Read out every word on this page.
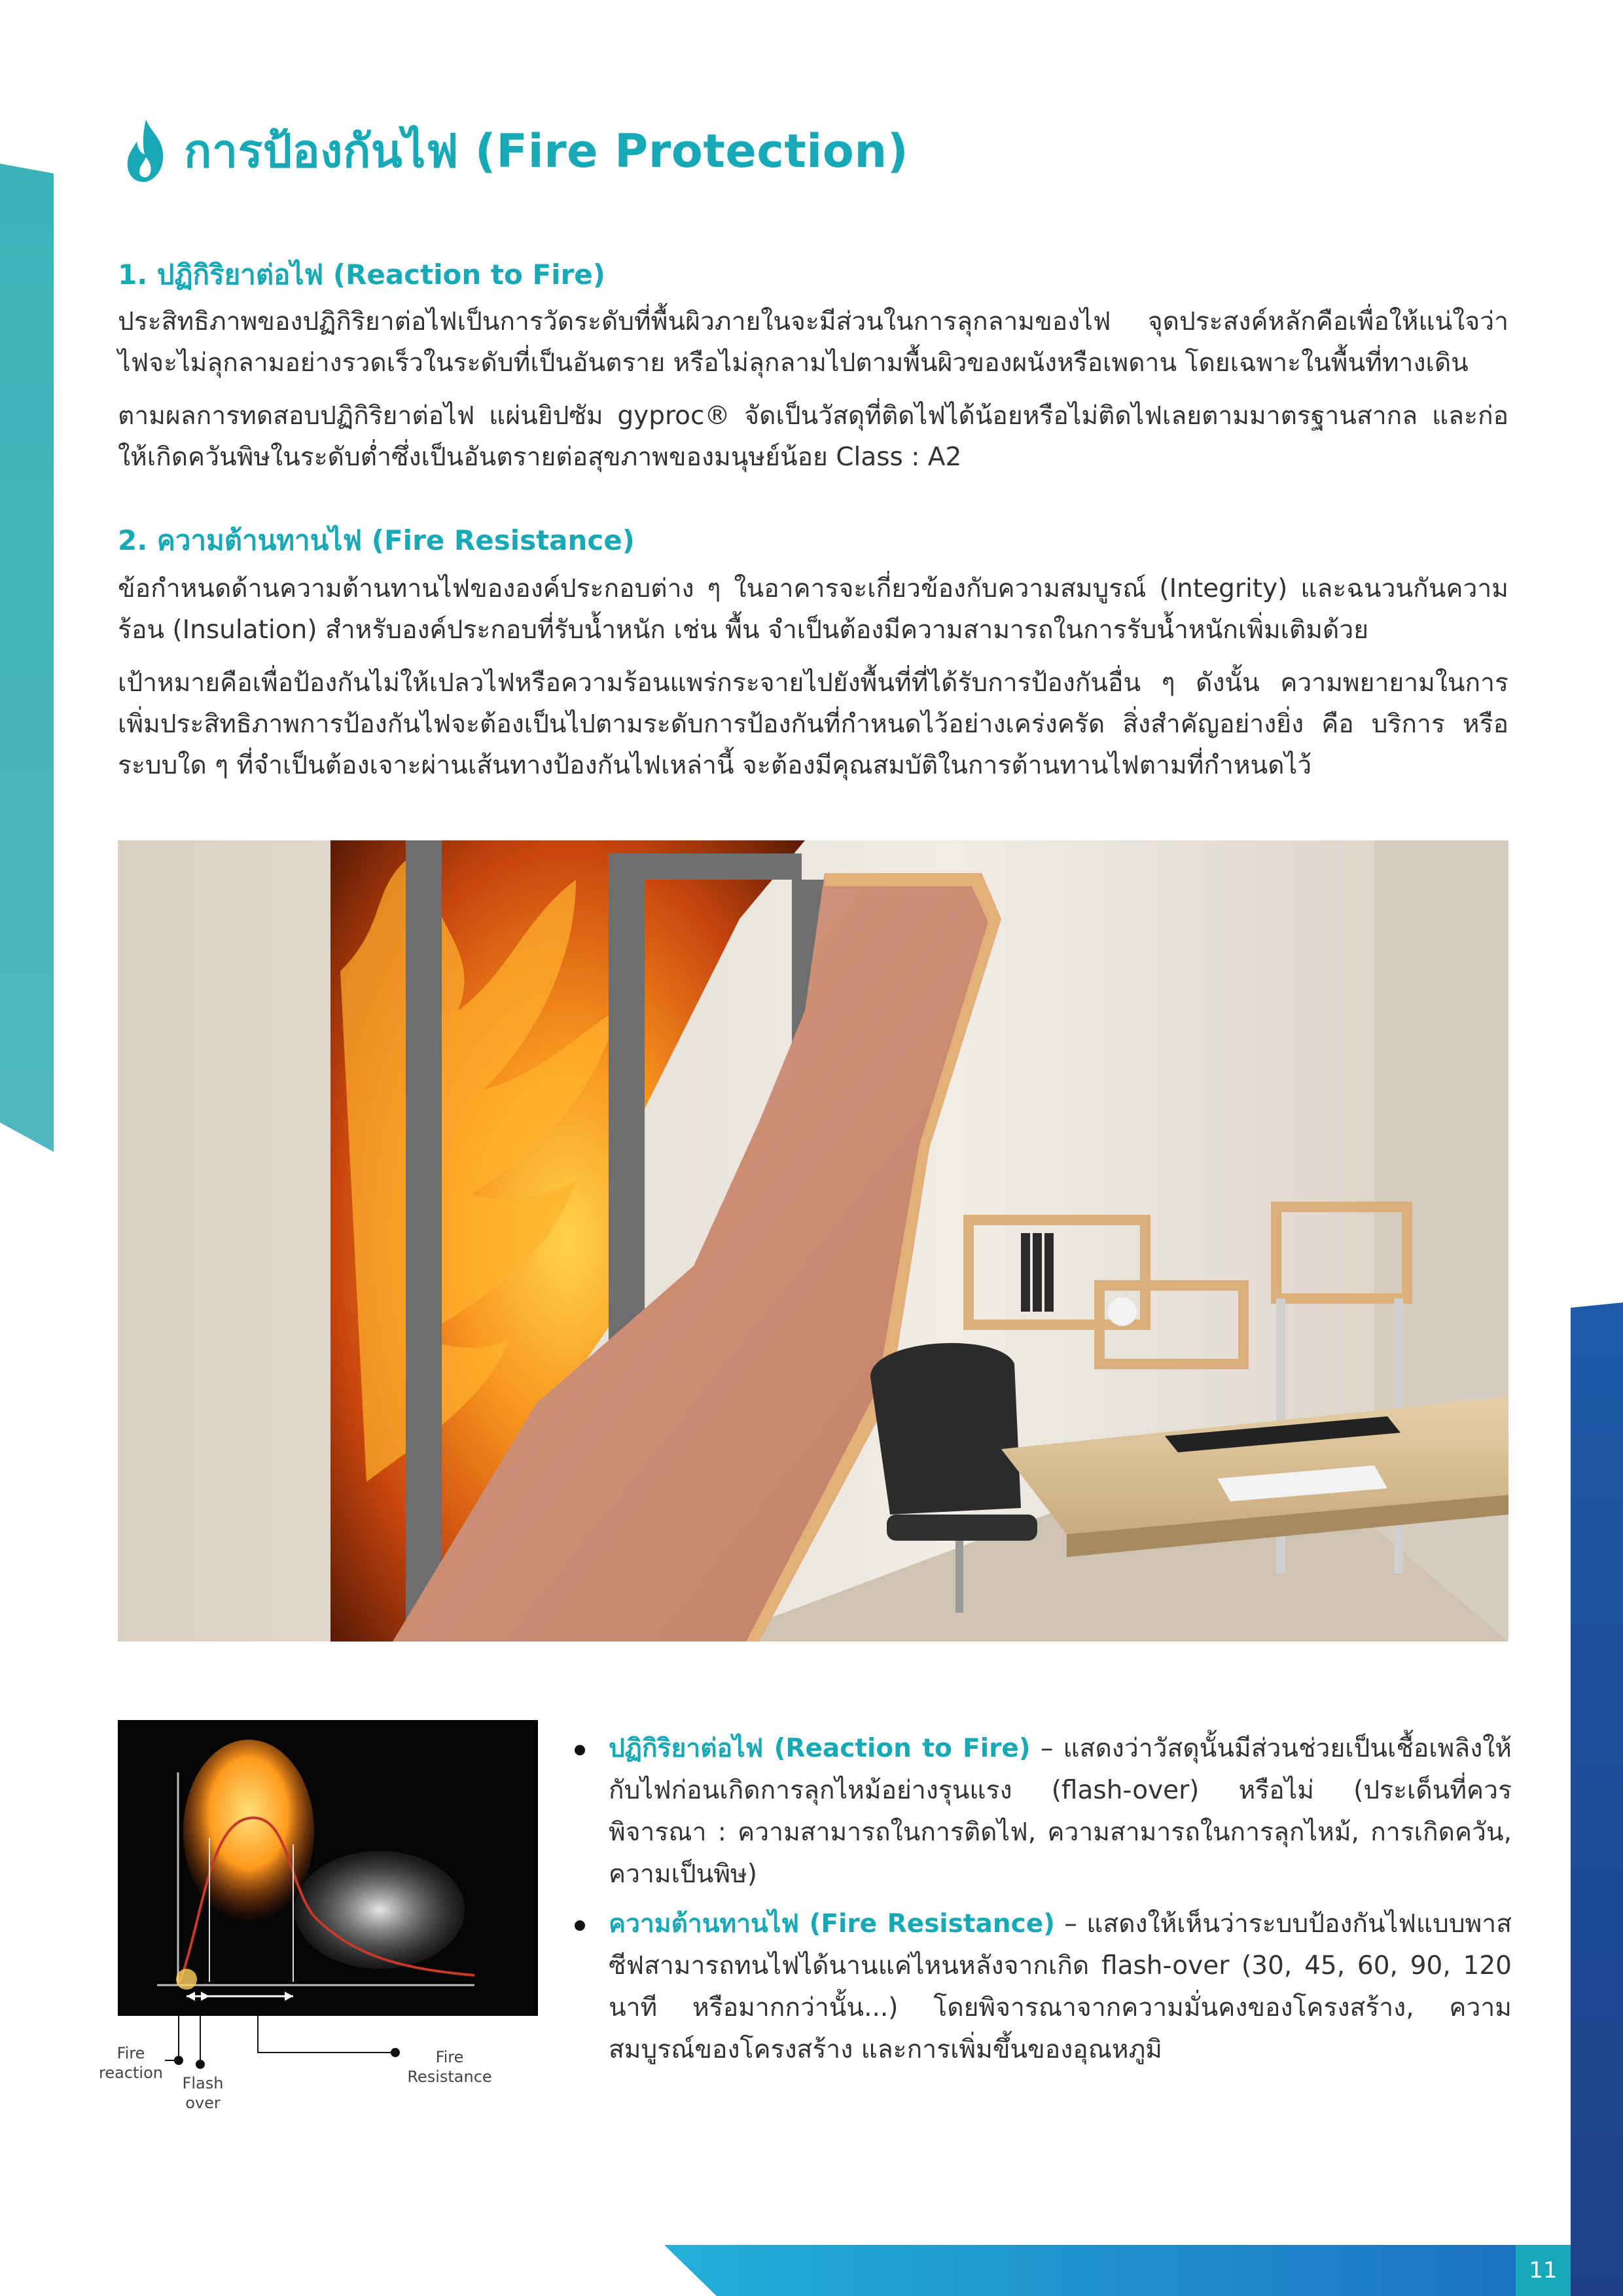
11
การป้องกันไฟ (Fire Protection)
1. ปฏิกิริยาต่อไฟ (Reaction to Fire)
ประสิทธิภาพของปฏิกิริยาต่อไฟเป็นการวัดระดับที่พื้นผิวภายในจะมีส่วนในการลุกลามของไฟ จุดประสงค์หลักคือเพื่อให้แน่ใจว่าไฟจะไม่ลุกลามอย่างรวดเร็วในระดับที่เป็นอันตราย หรือไม่ลุกลามไปตามพื้นผิวของผนังหรือเพดาน โดยเฉพาะในพื้นที่ทางเดิน
ตามผลการทดสอบปฏิกิริยาต่อไฟ แผ่นยิปซัม gyproc® จัดเป็นวัสดุที่ติดไฟได้น้อยหรือไม่ติดไฟเลยตามมาตรฐานสากล และก่อให้เกิดควันพิษในระดับต่ำซึ่งเป็นอันตรายต่อสุขภาพของมนุษย์น้อย Class : A2
2. ความต้านทานไฟ (Fire Resistance)
ข้อกำหนดด้านความต้านทานไฟขององค์ประกอบต่าง ๆ ในอาคารจะเกี่ยวข้องกับความสมบูรณ์ (Integrity) และฉนวนกันความร้อน (Insulation) สำหรับองค์ประกอบที่รับน้ำหนัก เช่น พื้น จำเป็นต้องมีความสามารถในการรับน้ำหนักเพิ่มเติมด้วย
เป้าหมายคือเพื่อป้องกันไม่ให้เปลวไฟหรือความร้อนแพร่กระจายไปยังพื้นที่ที่ได้รับการป้องกันอื่น ๆ ดังนั้น ความพยายามในการเพิ่มประสิทธิภาพการป้องกันไฟจะต้องเป็นไปตามระดับการป้องกันที่กำหนดไว้อย่างเคร่งครัด สิ่งสำคัญอย่างยิ่ง คือ บริการ หรือระบบใด ๆ ที่จำเป็นต้องเจาะผ่านเส้นทางป้องกันไฟเหล่านี้ จะต้องมีคุณสมบัติในการต้านทานไฟตามที่กำหนดไว้
Fire
reaction
Flash
over
Fire
Resistance
ปฏิกิริยาต่อไฟ (Reaction to Fire) – แสดงว่าวัสดุนั้นมีส่วนช่วยเป็นเชื้อเพลิงให้กับไฟก่อนเกิดการลุกไหม้อย่างรุนแรง (flash-over) หรือไม่ (ประเด็นที่ควรพิจารณา : ความสามารถในการติดไฟ, ความสามารถในการลุกไหม้, การเกิดควัน, ความเป็นพิษ)
ความต้านทานไฟ (Fire Resistance) – แสดงให้เห็นว่าระบบป้องกันไฟแบบพาสซีฟสามารถทนไฟได้นานแค่ไหนหลังจากเกิด flash-over (30, 45, 60, 90, 120 นาที หรือมากกว่านั้น...) โดยพิจารณาจากความมั่นคงของโครงสร้าง, ความสมบูรณ์ของโครงสร้าง และการเพิ่มขึ้นของอุณหภูมิ
